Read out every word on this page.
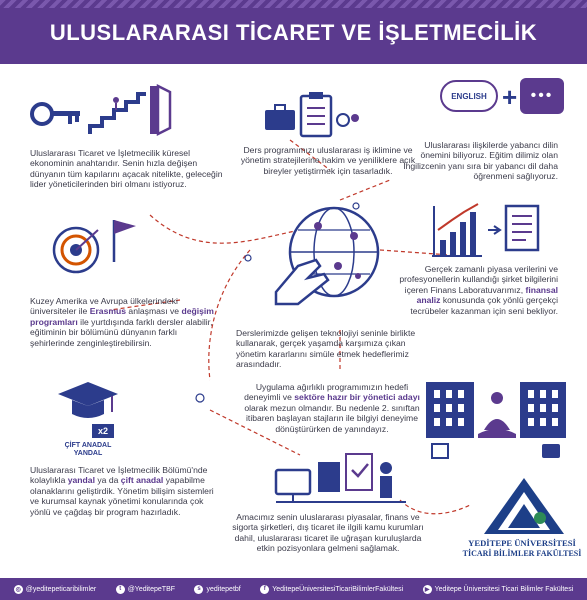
ULUSLARARASI TİCARET VE İŞLETMECİLİK
Uluslararası Ticaret ve İşletmecilik küresel ekonominin anahtarıdır. Senin hızla değişen dünyanın tüm kapılarını açacak nitelikte, geleceğin lider yöneticilerinden biri olmanı istiyoruz.
Ders programımızı uluslararası iş iklimine ve yönetim stratejilerine hakim ve yeniliklere açık bireyler yetiştirmek için tasarladık.
ENGLISH + •••
Uluslararası ilişkilerde yabancı dilin önemini biliyoruz. Eğitim dilimiz olan İngilizcenin yanı sıra bir yabancı dil daha öğrenmeni sağlıyoruz.
Kuzey Amerika ve Avrupa ülkelerindeki üniversiteler ile Erasmus anlaşması ve değişim programları ile yurtdışında farklı dersler alabilir, eğitiminin bir bölümünü dünyanın farklı şehirlerinde zenginleştirebilirsin.
Gerçek zamanlı piyasa verilerini ve profesyonellerin kullandığı şirket bilgilerini içeren Finans Laboratuvarımız, finansal analiz konusunda çok yönlü gerçekçi tecrübeler kazanman için seni bekliyor.
Derslerimizde gelişen teknolojiyi seninle birlikte kullanarak, gerçek yaşamda karşımıza çıkan yönetim kararlarını simüle etmek hedeflerimiz arasındadır.
Uygulama ağırlıklı programımızın hedefi deneyimli ve sektöre hazır bir yönetici adayı olarak mezun olmandır. Bu nedenle 2. sınıftan itibaren başlayan stajların ile bilgiyi deneyime dönüştürürken de yanındayız.
x2
ÇİFT ANADAL
YANDAL
Uluslararası Ticaret ve İşletmecilik Bölümü'nde kolaylıkla yandal ya da çift anadal yapabilme olanaklarını geliştirdik. Yönetim bilişim sistemleri ve kurumsal kaynak yönetimi konularında çok yönlü ve çağdaş bir program hazırladık.
Amacımız senin uluslararası piyasalar, finans ve sigorta şirketleri, dış ticaret ile ilgili kamu kurumları dahil, uluslararası ticaret ile uğraşan kuruluşlarda etkin pozisyonlara gelmeni sağlamak.
YEDİTEPE ÜNİVERSİTESİ
TİCARİ BİLİMLER FAKÜLTESİ
◎ @yeditepeticaribilimler	t @YeditepeTBF	s yeditepetbf	f YeditepeÜniversitesiTicariBilimlerFakültesi	▶ Yeditepe Üniversitesi Ticari Bilimler Fakültesi
